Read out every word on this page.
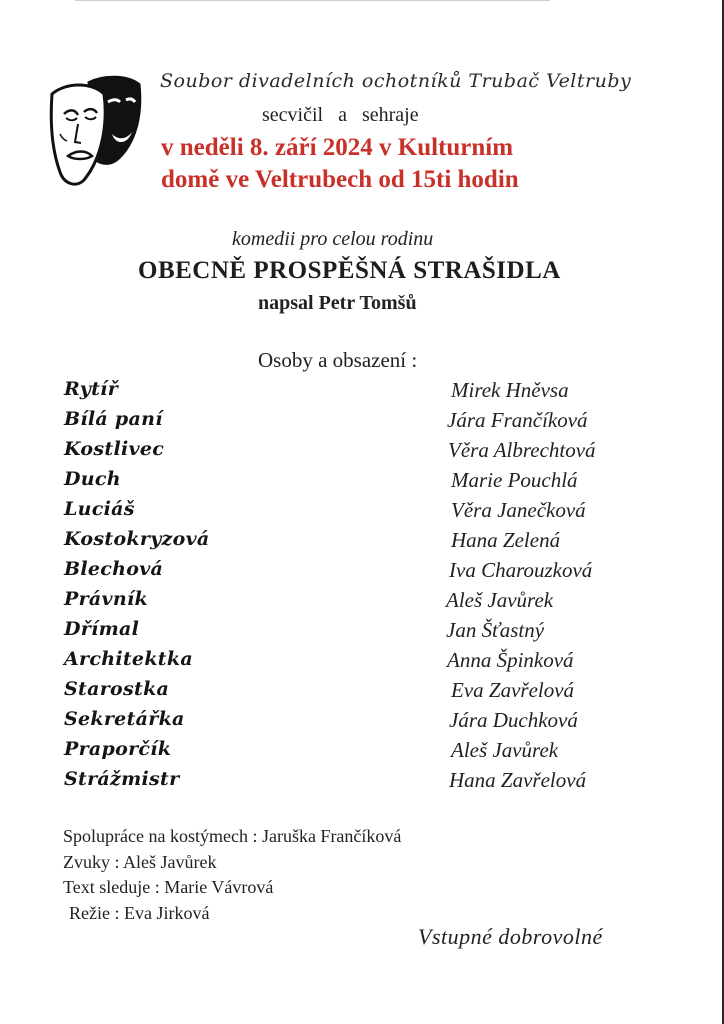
Soubor divadelních ochotníků Trubač Veltruby
secvičil a sehraje
v neděli 8. září 2024 v Kulturním
domě ve Veltrubech od 15ti hodin
komedii pro celou rodinu
OBECNĚ PROSPĚŠNÁ STRAŠIDLA
napsal Petr Tomšů
Osoby a obsazení :
Rytíř	Mirek Hněvsa
Bílá paní	Jára Frančíková
Kostlivec	Věra Albrechtová
Duch	Marie Pouchlá
Luciáš	Věra Janečková
Kostokryzová	Hana Zelená
Blechová	Iva Charouzková
Právník	Aleš Javůrek
Dřímal	Jan Šťastný
Architektka	Anna Špinková
Starostka	Eva Zavřelová
Sekretářka	Jára Duchková
Praporčík	Aleš Javůrek
Strážmistr	Hana Zavřelová
Spolupráce na kostýmech : Jaruška Frančíková
Zvuky : Aleš Javůrek
Text sleduje : Marie Vávrová
Režie : Eva Jirková
Vstupné dobrovolné
